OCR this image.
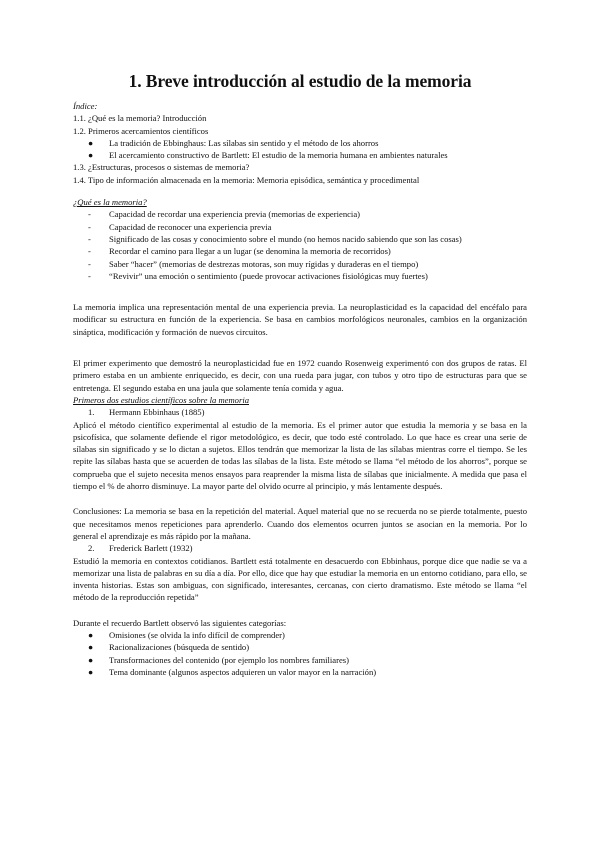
1. Breve introducción al estudio de la memoria
Índice:
1.1. ¿Qué es la memoria? Introducción
1.2. Primeros acercamientos científicos
● La tradición de Ebbinghaus: Las sílabas sin sentido y el método de los ahorros
● El acercamiento constructivo de Bartlett: El estudio de la memoria humana en ambientes naturales
1.3. ¿Estructuras, procesos o sistemas de memoria?
1.4. Tipo de información almacenada en la memoria: Memoria episódica, semántica y procedimental
¿Qué es la memoria?
- Capacidad de recordar una experiencia previa (memorias de experiencia)
- Capacidad de reconocer una experiencia previa
- Significado de las cosas y conocimiento sobre el mundo (no hemos nacido sabiendo que son las cosas)
- Recordar el camino para llegar a un lugar (se denomina la memoria de recorridos)
- Saber “hacer” (memorias de destrezas motoras, son muy rígidas y duraderas en el tiempo)
- “Revivir” una emoción o sentimiento (puede provocar activaciones fisiológicas muy fuertes)

La memoria implica una representación mental de una experiencia previa. La neuroplasticidad es la capacidad del encéfalo para modificar su estructura en función de la experiencia. Se basa en cambios morfológicos neuronales, cambios en la organización sináptica, modificación y formación de nuevos circuitos.

El primer experimento que demostró la neuroplasticidad fue en 1972 cuando Rosenweig experimentó con dos grupos de ratas. El primero estaba en un ambiente enriquecido, es decir, con una rueda para jugar, con tubos y otro tipo de estructuras para que se entretenga. El segundo estaba en una jaula que solamente tenía comida y agua.

Primeros dos estudios científicos sobre la memoria
1. Hermann Ebbinhaus (1885)

Aplicó el método científico experimental al estudio de la memoria. Es el primer autor que estudia la memoria y se basa en la psicofísica, que solamente defiende el rigor metodológico, es decir, que todo esté controlado. Lo que hace es crear una serie de sílabas sin significado y se lo dictan a sujetos. Ellos tendrán que memorizar la lista de las sílabas mientras corre el tiempo. Se les repite las sílabas hasta que se acuerden de todas las sílabas de la lista. Este método se llama “el método de los ahorros”, porque se comprueba que el sujeto necesita menos ensayos para reaprender la misma lista de sílabas que inicialmente. A medida que pasa el tiempo el % de ahorro disminuye. La mayor parte del olvido ocurre al principio, y más lentamente después.

Conclusiones: La memoria se basa en la repetición del material. Aquel material que no se recuerda no se pierde totalmente, puesto que necesitamos menos repeticiones para aprenderlo. Cuando dos elementos ocurren juntos se asocian en la memoria. Por lo general el aprendizaje es más rápido por la mañana.

2. Frederick Barlett (1932)

Estudió la memoria en contextos cotidianos. Bartlett está totalmente en desacuerdo con Ebbinhaus, porque dice que nadie se va a memorizar una lista de palabras en su día a día. Por ello, dice que hay que estudiar la memoria en un entorno cotidiano, para ello, se inventa historias. Estas son ambiguas, con significado, interesantes, cercanas, con cierto dramatismo. Este método se llama “el método de la reproducción repetida”

Durante el recuerdo Bartlett observó las siguientes categorías:
● Omisiones (se olvida la info difícil de comprender)
● Racionalizaciones (búsqueda de sentido)
● Transformaciones del contenido (por ejemplo los nombres familiares)
● Tema dominante (algunos aspectos adquieren un valor mayor en la narración)
